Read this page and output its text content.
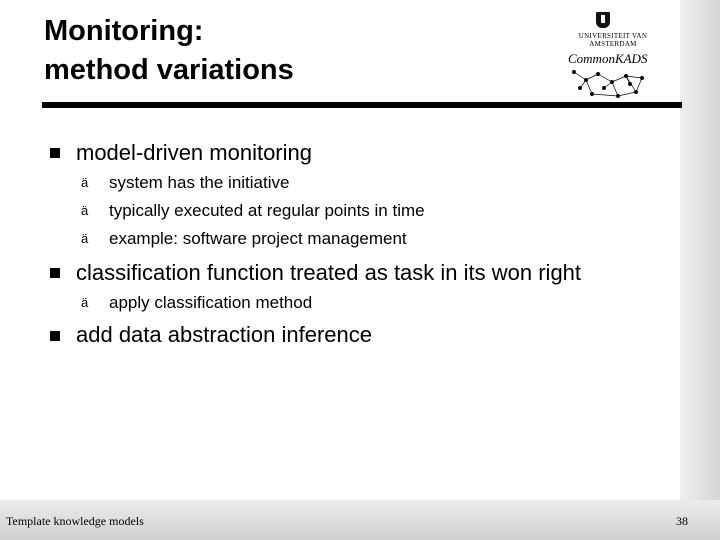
Monitoring:
method variations
UNIVERSITEIT VAN AMSTERDAM
CommonKADS
model-driven monitoring
ä system has the initiative
ä typically executed at regular points in time
ä example: software project management
classification function treated as task in its won right
ä apply classification method
add data abstraction inference
Template knowledge models	38
